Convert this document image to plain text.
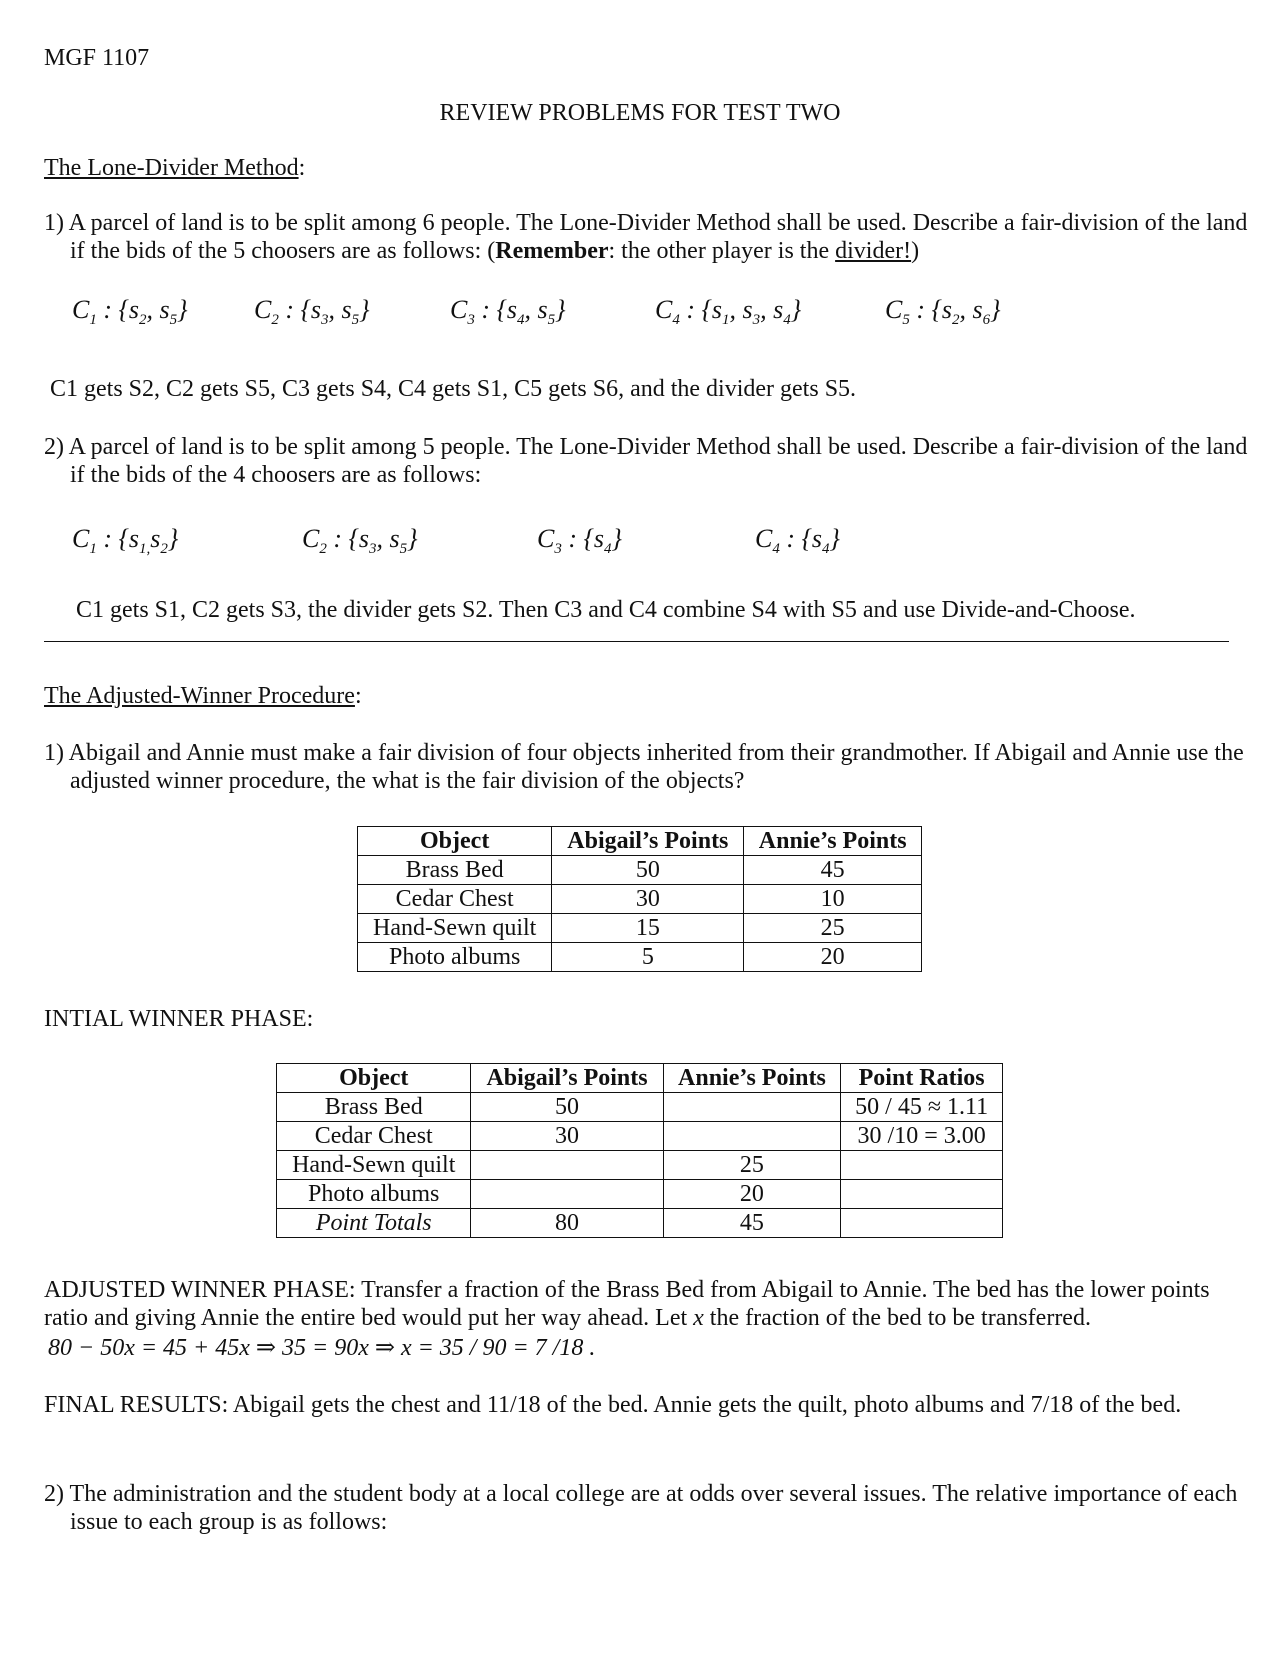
MGF 1107
REVIEW PROBLEMS FOR TEST TWO
The Lone-Divider Method:
1) A parcel of land is to be split among 6 people. The Lone-Divider Method shall be used. Describe a fair-division of the land if the bids of the 5 choosers are as follows: (Remember: the other player is the divider!)
$C_1$ : {$s_2$, $s_5$}	$C_2$ : {$s_3$, $s_5$}	$C_3$ : {$s_4$, $s_5$}	$C_4$ : {$s_1$, $s_3$, $s_4$}	$C_5$ : {$s_2$, $s_6$}
C1 gets S2, C2 gets S5, C3 gets S4, C4 gets S1, C5 gets S6, and the divider gets S5.
2) A parcel of land is to be split among 5 people. The Lone-Divider Method shall be used. Describe a fair-division of the land if the bids of the 4 choosers are as follows:
$C_1$ : $\{s_{1,}s_2\}$	$C_2$ : {$s_3$, $s_5$}	$C_3$ : $\{s_4\}$	$C_4$ : $\{s_4\}$
C1 gets S1, C2 gets S3, the divider gets S2. Then C3 and C4 combine S4 with S5 and use Divide-and-Choose.
The Adjusted-Winner Procedure:
1) Abigail and Annie must make a fair division of four objects inherited from their grandmother. If Abigail and Annie use the adjusted winner procedure, the what is the fair division of the objects?
Object	Abigail’s Points	Annie’s Points
Brass Bed	50	45
Cedar Chest	30	10
Hand-Sewn quilt	15	25
Photo albums	5	20
INTIAL WINNER PHASE:
Object	Abigail’s Points	Annie’s Points	Point Ratios
Brass Bed	50		50 / 45 ≈ 1.11
Cedar Chest	30		30 /10 = 3.00
Hand-Sewn quilt		25	
Photo albums		20	
Point Totals	80	45	
ADJUSTED WINNER PHASE: Transfer a fraction of the Brass Bed from Abigail to Annie. The bed has the lower points ratio and giving Annie the entire bed would put her way ahead. Let x the fraction of the bed to be transferred.
80 − 50x = 45 + 45x ⇒ 35 = 90x ⇒ x = 35 / 90 = 7 /18 .
FINAL RESULTS: Abigail gets the chest and 11/18 of the bed. Annie gets the quilt, photo albums and 7/18 of the bed.
2) The administration and the student body at a local college are at odds over several issues. The relative importance of each issue to each group is as follows:
